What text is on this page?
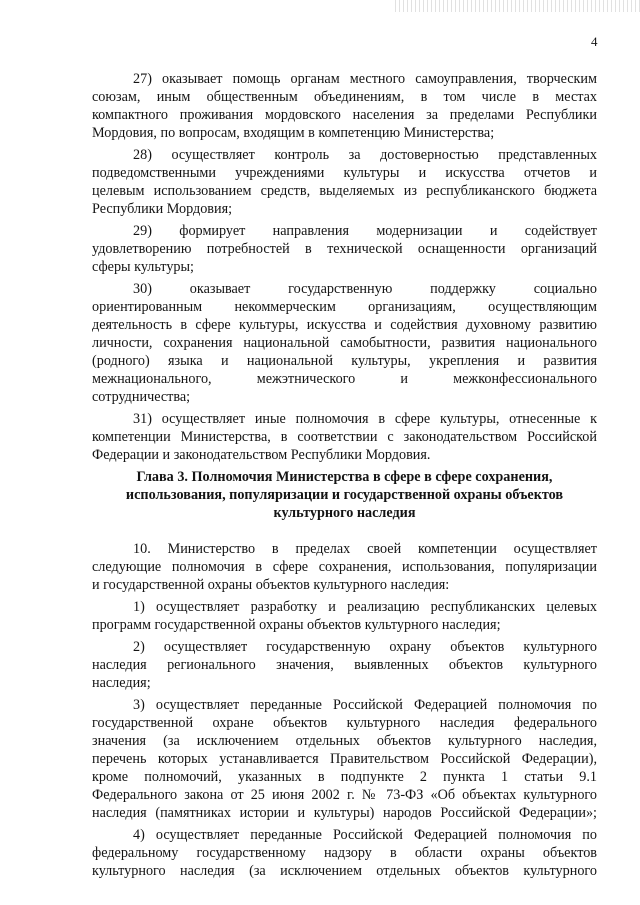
4
27) оказывает помощь органам местного самоуправления, творческим
союзам, иным общественным объединениям, в том числе в местах
компактного проживания мордовского населения за пределами Республики
Мордовия, по вопросам, входящим в компетенцию Министерства;
28) осуществляет контроль за достоверностью представленных
подведомственными учреждениями культуры и искусства отчетов и
целевым использованием средств, выделяемых из республиканского бюджета
Республики Мордовия;
29) формирует направления модернизации и содействует
удовлетворению потребностей в технической оснащенности организаций
сферы культуры;
30) оказывает государственную поддержку социально
ориентированным некоммерческим организациям, осуществляющим
деятельность в сфере культуры, искусства и содействия духовному развитию
личности, сохранения национальной самобытности, развития национального
(родного) языка и национальной культуры, укрепления и развития
межнационального, межэтнического и межконфессионального
сотрудничества;
31) осуществляет иные полномочия в сфере культуры, отнесенные к
компетенции Министерства, в соответствии с законодательством Российской
Федерации и законодательством Республики Мордовия.
Глава 3. Полномочия Министерства в сфере в сфере сохранения,
использования, популяризации и государственной охраны объектов
культурного наследия
10. Министерство в пределах своей компетенции осуществляет
следующие полномочия в сфере сохранения, использования, популяризации
и государственной охраны объектов культурного наследия:
1) осуществляет разработку и реализацию республиканских целевых
программ государственной охраны объектов культурного наследия;
2) осуществляет государственную охрану объектов культурного
наследия регионального значения, выявленных объектов культурного
наследия;
3) осуществляет переданные Российской Федерацией полномочия по
государственной охране объектов культурного наследия федерального
значения (за исключением отдельных объектов культурного наследия,
перечень которых устанавливается Правительством Российской Федерации),
кроме полномочий, указанных в подпункте 2 пункта 1 статьи 9.1
Федерального закона от 25 июня 2002 г. № 73-ФЗ «Об объектах культурного
наследия (памятниках истории и культуры) народов Российской Федерации»;
4) осуществляет переданные Российской Федерацией полномочия по
федеральному государственному надзору в области охраны объектов
культурного наследия (за исключением отдельных объектов культурного
